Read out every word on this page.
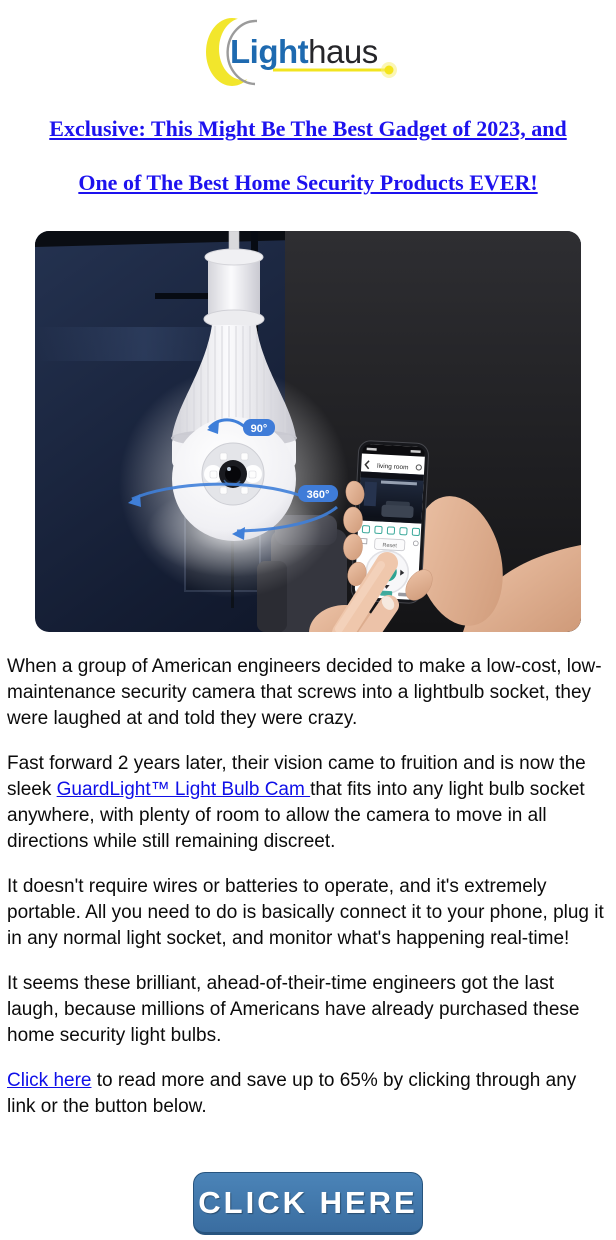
Lighthaus
Exclusive: This Might Be The Best Gadget of 2023, and
One of The Best Home Security Products EVER!
90°
360°
living room
Reset

When a group of American engineers decided to make a low-cost, low-maintenance security camera that screws into a lightbulb socket, they were laughed at and told they were crazy.

Fast forward 2 years later, their vision came to fruition and is now the sleek GuardLight™ Light Bulb Cam that fits into any light bulb socket anywhere, with plenty of room to allow the camera to move in all directions while still remaining discreet.

It doesn't require wires or batteries to operate, and it's extremely portable. All you need to do is basically connect it to your phone, plug it in any normal light socket, and monitor what's happening real-time!

It seems these brilliant, ahead-of-their-time engineers got the last laugh, because millions of Americans have already purchased these home security light bulbs.

Click here to read more and save up to 65% by clicking through any link or the button below.

CLICK HERE
